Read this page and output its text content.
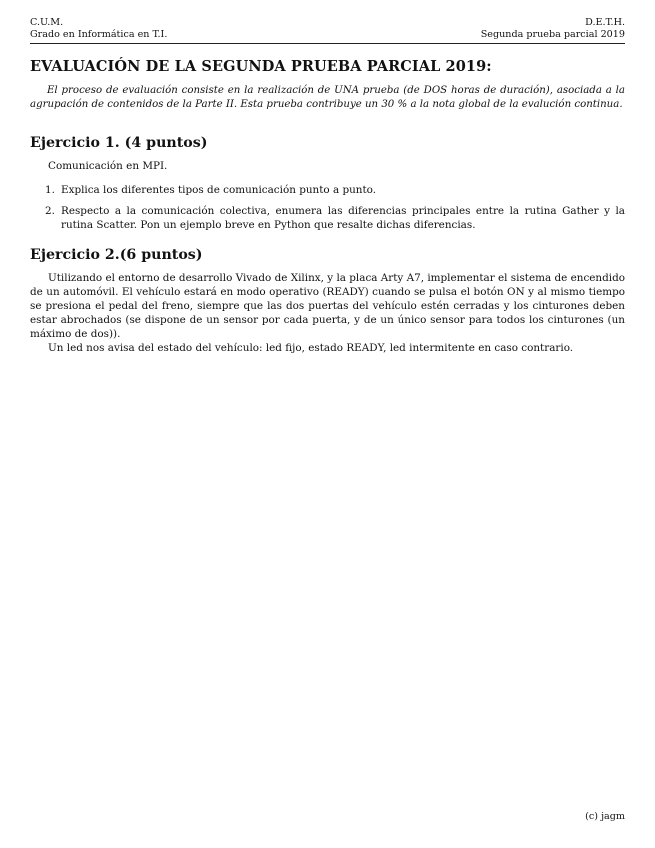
C.U.M.
Grado en Informática en T.I.
D.E.T.H.
Segunda prueba parcial 2019
EVALUACIÓN DE LA SEGUNDA PRUEBA PARCIAL 2019:

El proceso de evaluación consiste en la realización de UNA prueba (de DOS horas de duración), asociada a la agrupación de contenidos de la Parte II. Esta prueba contribuye un 30 % a la nota global de la evalución continua.

Ejercicio 1. (4 puntos)

Comunicación en MPI.

1. Explica los diferentes tipos de comunicación punto a punto.
2. Respecto a la comunicación colectiva, enumera las diferencias principales entre la rutina Gather y la rutina Scatter. Pon un ejemplo breve en Python que resalte dichas diferencias.
Ejercicio 2.(6 puntos)

Utilizando el entorno de desarrollo Vivado de Xilinx, y la placa Arty A7, implementar el sistema de encendido de un automóvil. El vehículo estará en modo operativo (READY) cuando se pulsa el botón ON y al mismo tiempo se presiona el pedal del freno, siempre que las dos puertas del vehículo estén cerradas y los cinturones deben estar abrochados (se dispone de un sensor por cada puerta, y de un único sensor para todos los cinturones (un máximo de dos)).

Un led nos avisa del estado del vehículo: led fijo, estado READY, led intermitente en caso contrario.

(c) jagm
